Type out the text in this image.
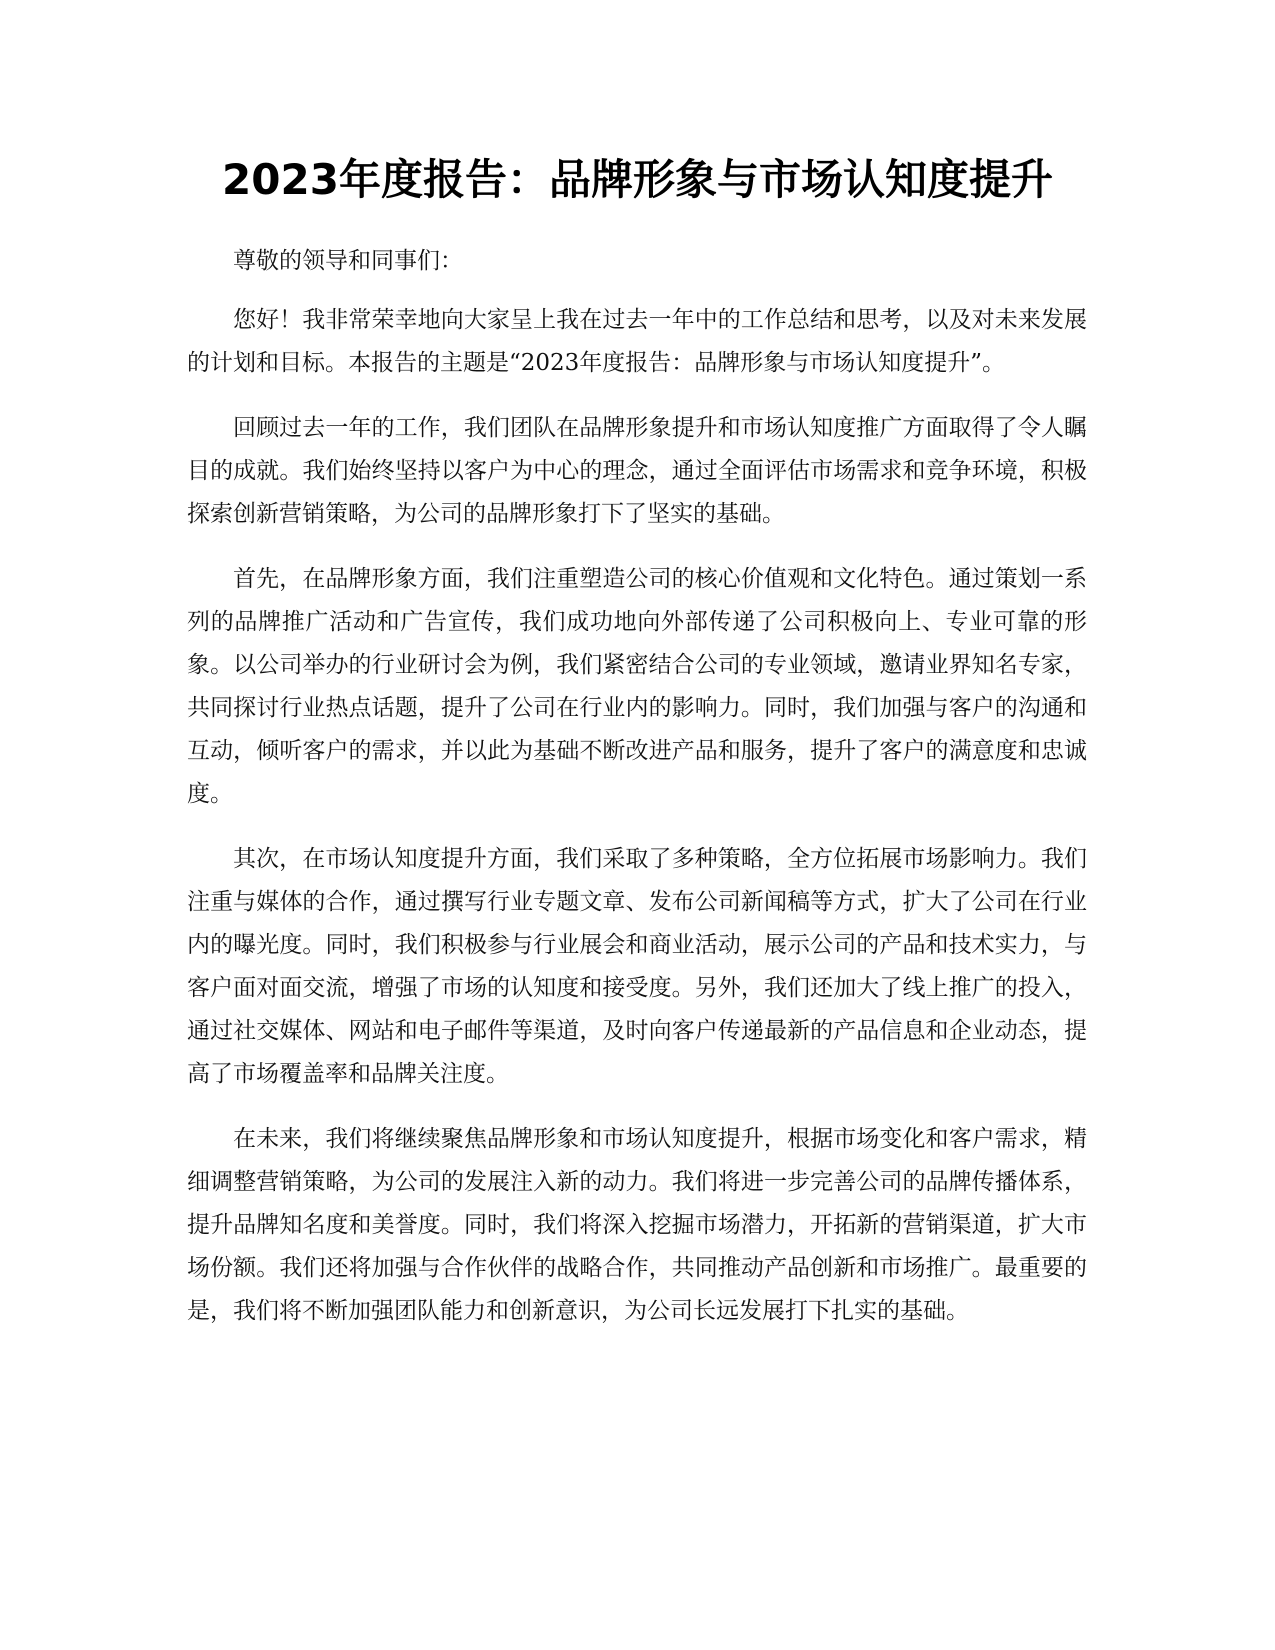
2023年度报告：品牌形象与市场认知度提升

尊敬的领导和同事们：

您好！我非常荣幸地向大家呈上我在过去一年中的工作总结和思考，以及对未来发展的计划和目标。本报告的主题是“2023年度报告：品牌形象与市场认知度提升”。

回顾过去一年的工作，我们团队在品牌形象提升和市场认知度推广方面取得了令人瞩目的成就。我们始终坚持以客户为中心的理念，通过全面评估市场需求和竞争环境，积极探索创新营销策略，为公司的品牌形象打下了坚实的基础。

首先，在品牌形象方面，我们注重塑造公司的核心价值观和文化特色。通过策划一系列的品牌推广活动和广告宣传，我们成功地向外部传递了公司积极向上、专业可靠的形象。以公司举办的行业研讨会为例，我们紧密结合公司的专业领域，邀请业界知名专家，共同探讨行业热点话题，提升了公司在行业内的影响力。同时，我们加强与客户的沟通和互动，倾听客户的需求，并以此为基础不断改进产品和服务，提升了客户的满意度和忠诚度。

其次，在市场认知度提升方面，我们采取了多种策略，全方位拓展市场影响力。我们注重与媒体的合作，通过撰写行业专题文章、发布公司新闻稿等方式，扩大了公司在行业内的曝光度。同时，我们积极参与行业展会和商业活动，展示公司的产品和技术实力，与客户面对面交流，增强了市场的认知度和接受度。另外，我们还加大了线上推广的投入，通过社交媒体、网站和电子邮件等渠道，及时向客户传递最新的产品信息和企业动态，提高了市场覆盖率和品牌关注度。

在未来，我们将继续聚焦品牌形象和市场认知度提升，根据市场变化和客户需求，精细调整营销策略，为公司的发展注入新的动力。我们将进一步完善公司的品牌传播体系，提升品牌知名度和美誉度。同时，我们将深入挖掘市场潜力，开拓新的营销渠道，扩大市场份额。我们还将加强与合作伙伴的战略合作，共同推动产品创新和市场推广。最重要的是，我们将不断加强团队能力和创新意识，为公司长远发展打下扎实的基础。
